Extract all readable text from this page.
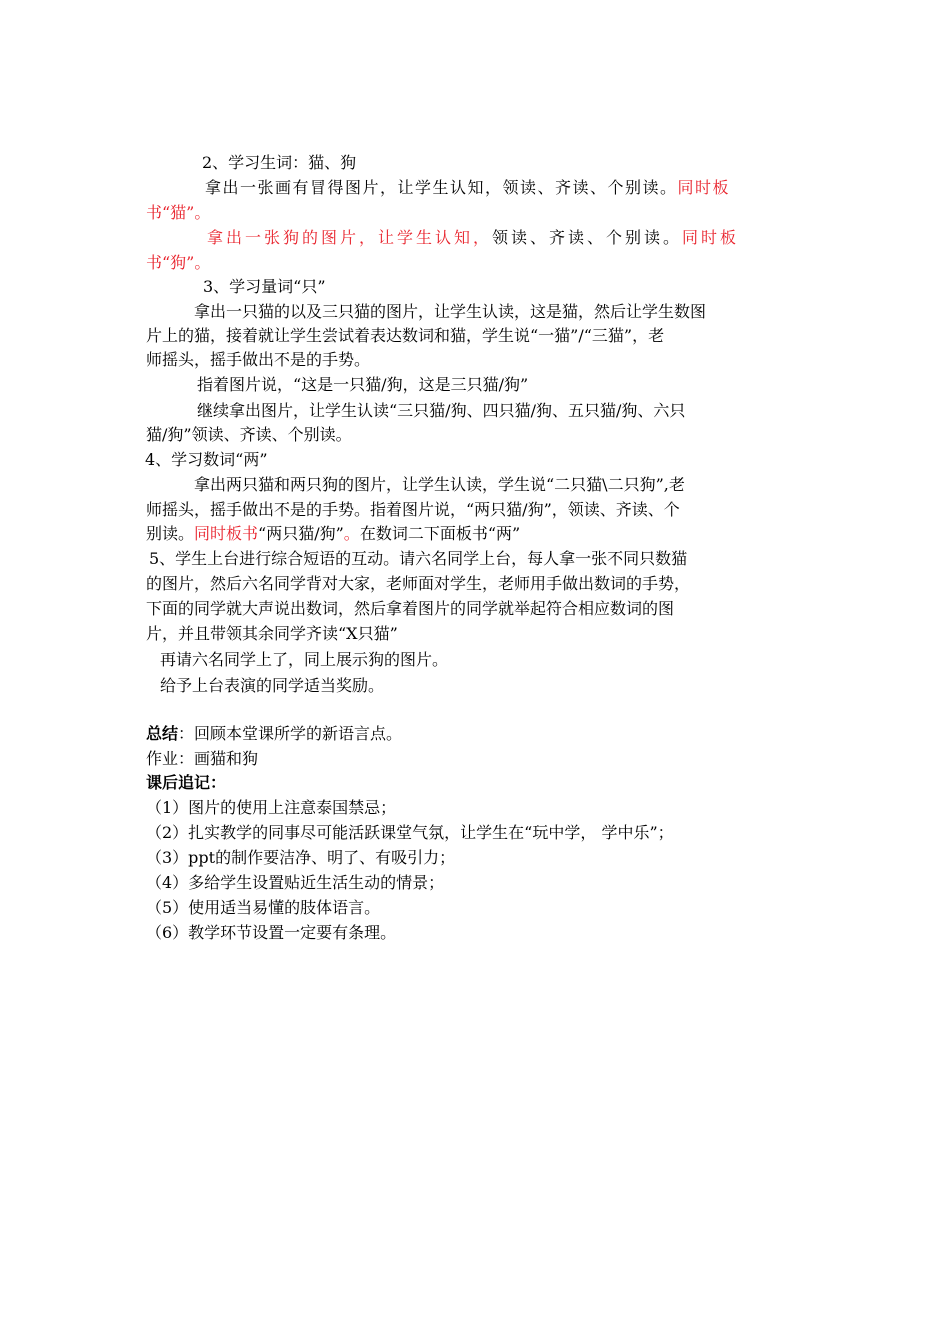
2、学习生词：猫、狗
拿出一张画有冒得图片，让学生认知，领读、齐读、个别读。同时板
书“猫”。
拿出一张狗的图片，让学生认知，领读、齐读、个别读。同时板
书“狗”。
3、学习量词“只”
拿出一只猫的以及三只猫的图片，让学生认读，这是猫，然后让学生数图
片上的猫，接着就让学生尝试着表达数词和猫，学生说“一猫”/“三猫”，老
师摇头，摇手做出不是的手势。
指着图片说，“这是一只猫/狗，这是三只猫/狗”
继续拿出图片，让学生认读“三只猫/狗、四只猫/狗、五只猫/狗、六只
猫/狗”领读、齐读、个别读。
4、学习数词“两”
拿出两只猫和两只狗的图片，让学生认读，学生说“二只猫\二只狗”,老
师摇头，摇手做出不是的手势。指着图片说，“两只猫/狗”，领读、齐读、个
别读。同时板书“两只猫/狗”。在数词二下面板书“两”
5、学生上台进行综合短语的互动。请六名同学上台，每人拿一张不同只数猫
的图片，然后六名同学背对大家，老师面对学生，老师用手做出数词的手势，
下面的同学就大声说出数词，然后拿着图片的同学就举起符合相应数词的图
片，并且带领其余同学齐读“X只猫”
再请六名同学上了，同上展示狗的图片。
给予上台表演的同学适当奖励。
总结：回顾本堂课所学的新语言点。
作业：画猫和狗
课后追记：
（1）图片的使用上注意泰国禁忌；
（2）扎实教学的同事尽可能活跃课堂气氛，让学生在“玩中学， 学中乐”；
（3）ppt的制作要洁净、明了、有吸引力；
（4）多给学生设置贴近生活生动的情景；
（5）使用适当易懂的肢体语言。
（6）教学环节设置一定要有条理。
